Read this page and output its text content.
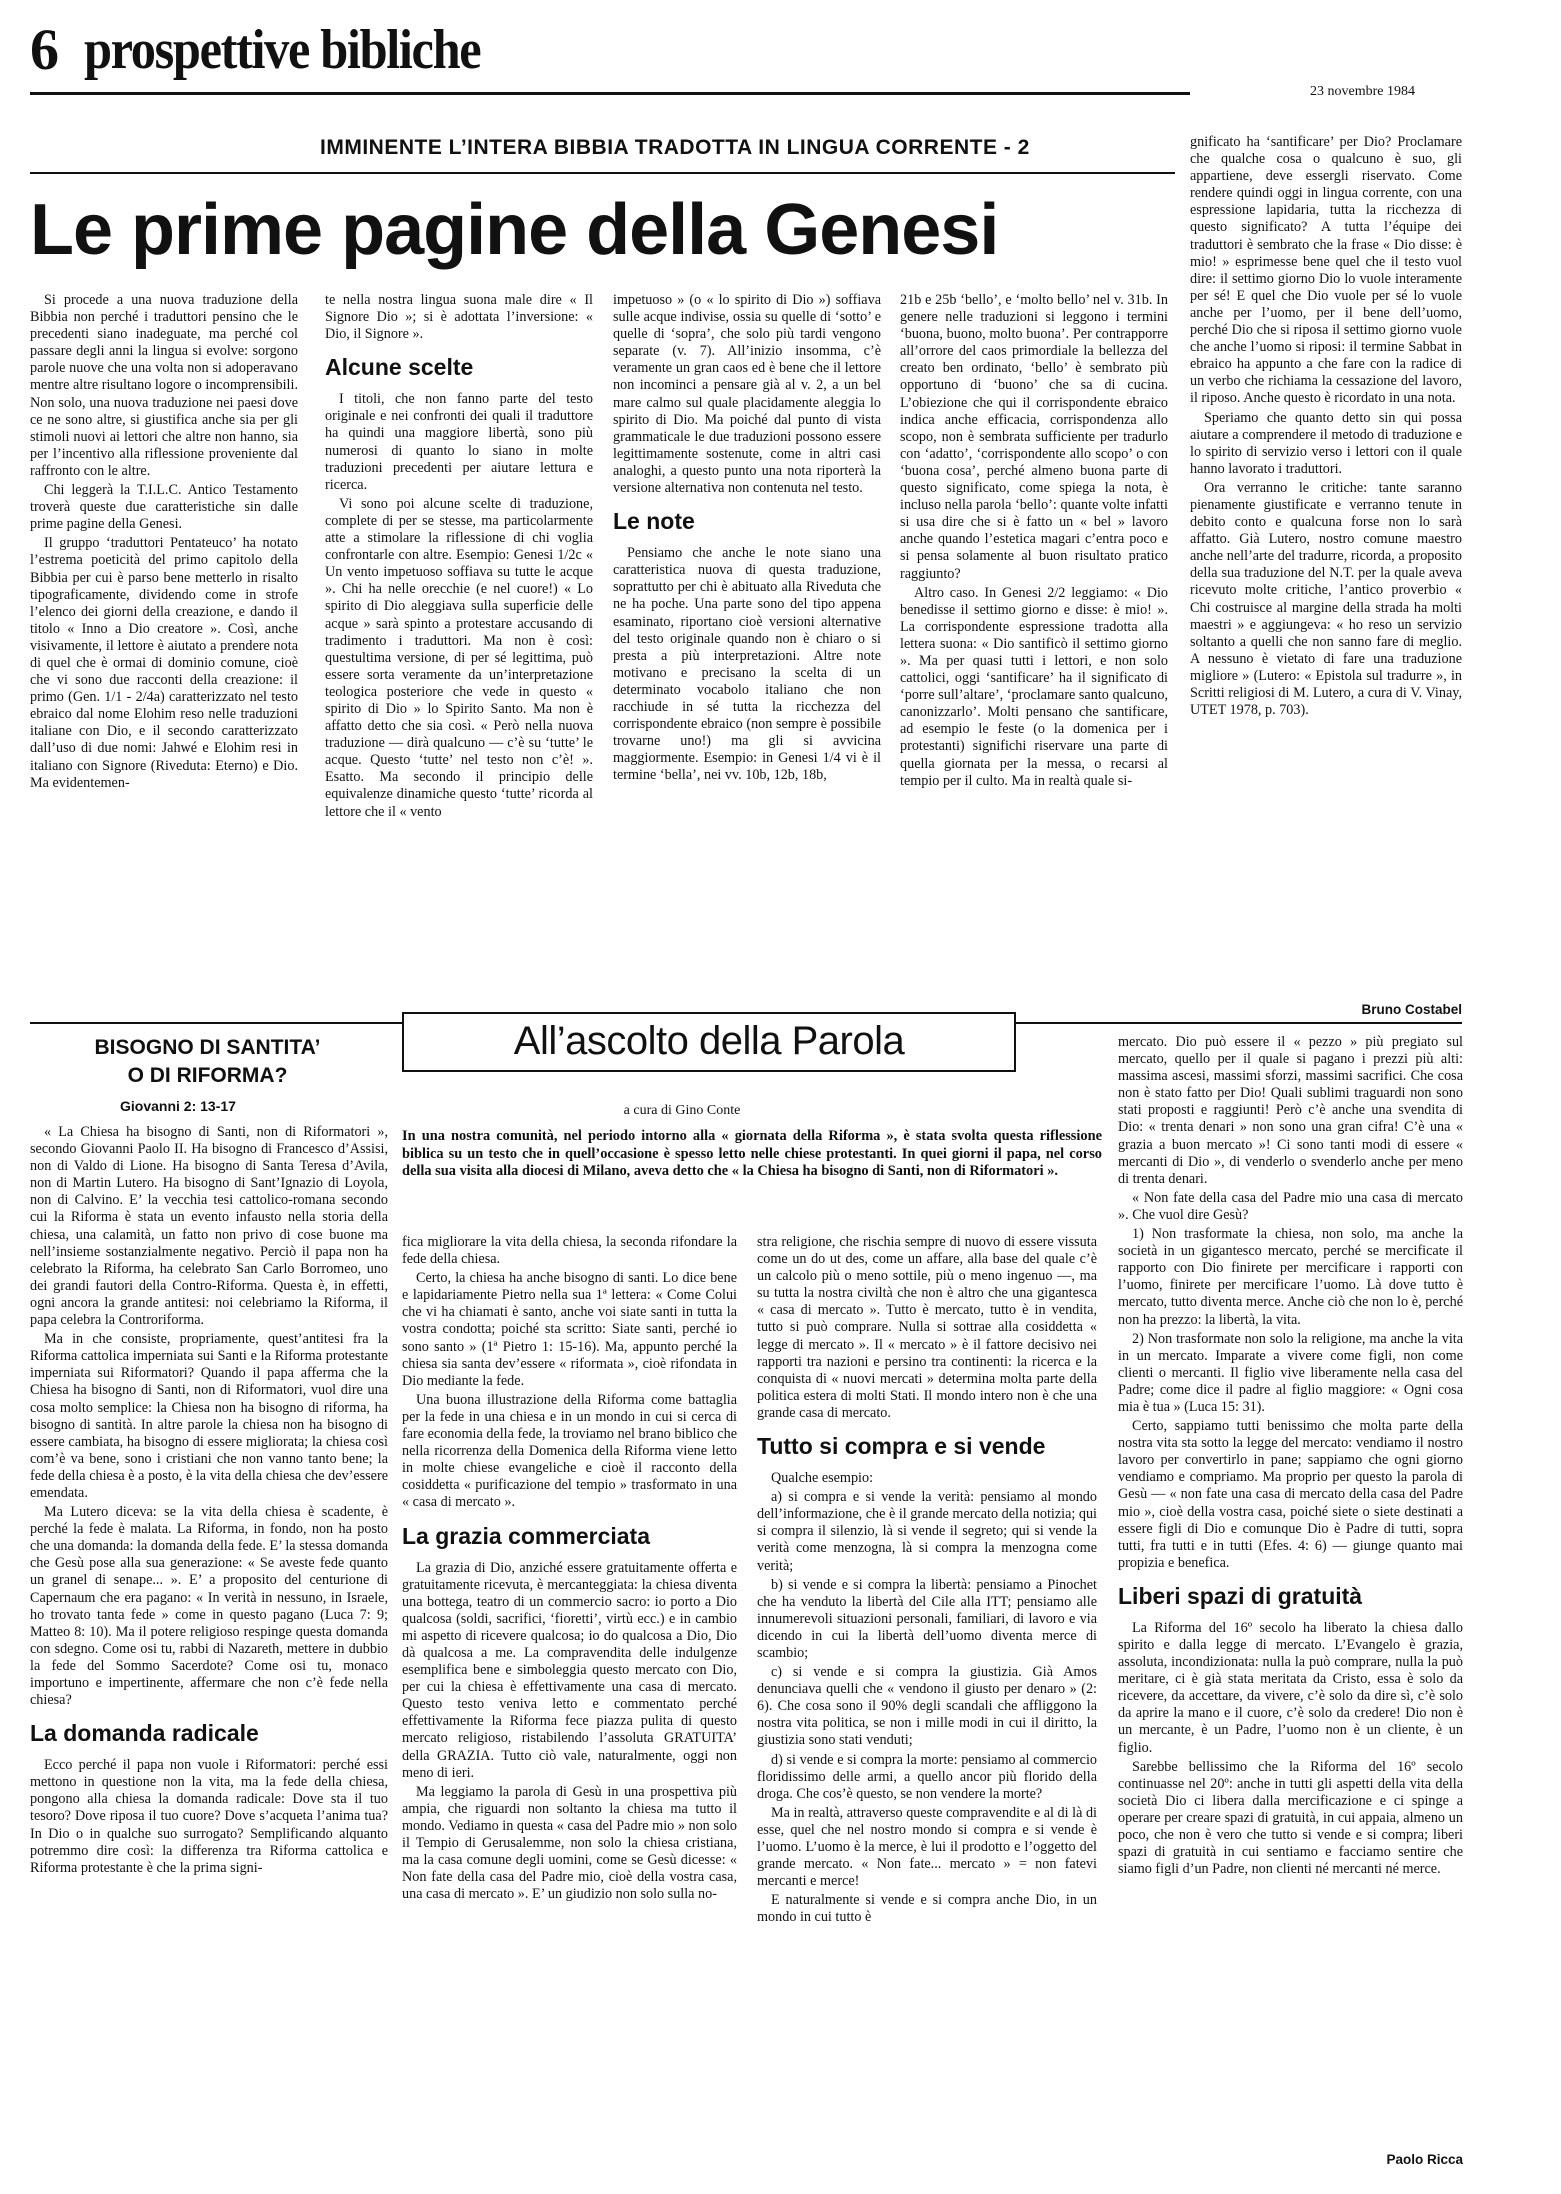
6 prospettive bibliche
23 novembre 1984
IMMINENTE L’INTERA BIBBIA TRADOTTA IN LINGUA CORRENTE - 2
Le prime pagine della Genesi

Si procede a una nuova traduzione della Bibbia non perché i traduttori pensino che le precedenti siano inadeguate, ma perché col passare degli anni la lingua si evolve: sorgono parole nuove che una volta non si adoperavano mentre altre risultano logore o incomprensibili. Non solo, una nuova traduzione nei paesi dove ce ne sono altre, si giustifica anche sia per gli stimoli nuovi ai lettori che altre non hanno, sia per l’incentivo alla riflessione proveniente dal raffronto con le altre.

Chi leggerà la T.I.L.C. Antico Testamento troverà queste due caratteristiche sin dalle prime pagine della Genesi.

Il gruppo ‘traduttori Pentateuco’ ha notato l’estrema poeticità del primo capitolo della Bibbia per cui è parso bene metterlo in risalto tipograficamente, dividendo come in strofe l’elenco dei giorni della creazione, e dando il titolo « Inno a Dio creatore ». Così, anche visivamente, il lettore è aiutato a prendere nota di quel che è ormai di dominio comune, cioè che vi sono due racconti della creazione: il primo (Gen. 1/1 - 2/4a) caratterizzato nel testo ebraico dal nome Elohim reso nelle traduzioni italiane con Dio, e il secondo caratterizzato dall’uso di due nomi: Jahwé e Elohim resi in italiano con Signore (Riveduta: Eterno) e Dio. Ma evidentemen-

te nella nostra lingua suona male dire « Il Signore Dio »; si è adottata l’inversione: « Dio, il Signore ».

Alcune scelte

I titoli, che non fanno parte del testo originale e nei confronti dei quali il traduttore ha quindi una maggiore libertà, sono più numerosi di quanto lo siano in molte traduzioni precedenti per aiutare lettura e ricerca.

Vi sono poi alcune scelte di traduzione, complete di per se stesse, ma particolarmente atte a stimolare la riflessione di chi voglia confrontarle con altre. Esempio: Genesi 1/2c « Un vento impetuoso soffiava su tutte le acque ». Chi ha nelle orecchie (e nel cuore!) « Lo spirito di Dio aleggiava sulla superficie delle acque » sarà spinto a protestare accusando di tradimento i traduttori. Ma non è così: questultima versione, di per sé legittima, può essere sorta veramente da un’interpretazione teologica posteriore che vede in questo « spirito di Dio » lo Spirito Santo. Ma non è affatto detto che sia così. « Però nella nuova traduzione — dirà qualcuno — c’è su ‘tutte’ le acque. Questo ‘tutte’ nel testo non c’è! ». Esatto. Ma secondo il principio delle equivalenze dinamiche questo ‘tutte’ ricorda al lettore che il « vento

impetuoso » (o « lo spirito di Dio ») soffiava sulle acque indivise, ossia su quelle di ‘sotto’ e quelle di ‘sopra’, che solo più tardi vengono separate (v. 7). All’inizio insomma, c’è veramente un gran caos ed è bene che il lettore non incominci a pensare già al v. 2, a un bel mare calmo sul quale placidamente aleggia lo spirito di Dio. Ma poiché dal punto di vista grammaticale le due traduzioni possono essere legittimamente sostenute, come in altri casi analoghi, a questo punto una nota riporterà la versione alternativa non contenuta nel testo.

Le note

Pensiamo che anche le note siano una caratteristica nuova di questa traduzione, soprattutto per chi è abituato alla Riveduta che ne ha poche. Una parte sono del tipo appena esaminato, riportano cioè versioni alternative del testo originale quando non è chiaro o si presta a più interpretazioni. Altre note motivano e precisano la scelta di un determinato vocabolo italiano che non racchiude in sé tutta la ricchezza del corrispondente ebraico (non sempre è possibile trovarne uno!) ma gli si avvicina maggiormente. Esempio: in Genesi 1/4 vi è il termine ‘bella’, nei vv. 10b, 12b, 18b,

21b e 25b ‘bello’, e ‘molto bello’ nel v. 31b. In genere nelle traduzioni si leggono i termini ‘buona, buono, molto buona’. Per contrapporre all’orrore del caos primordiale la bellezza del creato ben ordinato, ‘bello’ è sembrato più opportuno di ‘buono’ che sa di cucina. L’obiezione che qui il corrispondente ebraico indica anche efficacia, corrispondenza allo scopo, non è sembrata sufficiente per tradurlo con ‘adatto’, ‘corrispondente allo scopo’ o con ‘buona cosa’, perché almeno buona parte di questo significato, come spiega la nota, è incluso nella parola ‘bello’: quante volte infatti si usa dire che si è fatto un « bel » lavoro anche quando l’estetica magari c’entra poco e si pensa solamente al buon risultato pratico raggiunto?

Altro caso. In Genesi 2/2 leggiamo: « Dio benedisse il settimo giorno e disse: è mio! ». La corrispondente espressione tradotta alla lettera suona: « Dio santificò il settimo giorno ». Ma per quasi tutti i lettori, e non solo cattolici, oggi ‘santificare’ ha il significato di ‘porre sull’altare’, ‘proclamare santo qualcuno, canonizzarlo’. Molti pensano che santificare, ad esempio le feste (o la domenica per i protestanti) significhi riservare una parte di quella giornata per la messa, o recarsi al tempio per il culto. Ma in realtà quale si-

gnificato ha ‘santificare’ per Dio? Proclamare che qualche cosa o qualcuno è suo, gli appartiene, deve essergli riservato. Come rendere quindi oggi in lingua corrente, con una espressione lapidaria, tutta la ricchezza di questo significato? A tutta l’équipe dei traduttori è sembrato che la frase « Dio disse: è mio! » esprimesse bene quel che il testo vuol dire: il settimo giorno Dio lo vuole interamente per sé! E quel che Dio vuole per sé lo vuole anche per l’uomo, per il bene dell’uomo, perché Dio che si riposa il settimo giorno vuole che anche l’uomo si riposi: il termine Sabbat in ebraico ha appunto a che fare con la radice di un verbo che richiama la cessazione del lavoro, il riposo. Anche questo è ricordato in una nota.

Speriamo che quanto detto sin qui possa aiutare a comprendere il metodo di traduzione e lo spirito di servizio verso i lettori con il quale hanno lavorato i traduttori.

Ora verranno le critiche: tante saranno pienamente giustificate e verranno tenute in debito conto e qualcuna forse non lo sarà affatto. Già Lutero, nostro comune maestro anche nell’arte del tradurre, ricorda, a proposito della sua traduzione del N.T. per la quale aveva ricevuto molte critiche, l’antico proverbio « Chi costruisce al margine della strada ha molti maestri » e aggiungeva: « ho reso un servizio soltanto a quelli che non sanno fare di meglio. A nessuno è vietato di fare una traduzione migliore » (Lutero: « Epistola sul tradurre », in Scritti religiosi di M. Lutero, a cura di V. Vinay, UTET 1978, p. 703).

Bruno Costabel
BISOGNO DI SANTITA’
O DI RIFORMA?
Giovanni 2: 13-17

« La Chiesa ha bisogno di Santi, non di Riformatori », secondo Giovanni Paolo II. Ha bisogno di Francesco d’Assisi, non di Valdo di Lione. Ha bisogno di Santa Teresa d’Avila, non di Martin Lutero. Ha bisogno di Sant’Ignazio di Loyola, non di Calvino. E’ la vecchia tesi cattolico-romana secondo cui la Riforma è stata un evento infausto nella storia della chiesa, una calamità, un fatto non privo di cose buone ma nell’insieme sostanzialmente negativo. Perciò il papa non ha celebrato la Riforma, ha celebrato San Carlo Borromeo, uno dei grandi fautori della Contro-Riforma. Questa è, in effetti, ogni ancora la grande antitesi: noi celebriamo la Riforma, il papa celebra la Controriforma.

Ma in che consiste, propriamente, quest’antitesi fra la Riforma cattolica imperniata sui Santi e la Riforma protestante imperniata sui Riformatori? Quando il papa afferma che la Chiesa ha bisogno di Santi, non di Riformatori, vuol dire una cosa molto semplice: la Chiesa non ha bisogno di riforma, ha bisogno di santità. In altre parole la chiesa non ha bisogno di essere cambiata, ha bisogno di essere migliorata; la chiesa così com’è va bene, sono i cristiani che non vanno tanto bene; la fede della chiesa è a posto, è la vita della chiesa che dev’essere emendata.

Ma Lutero diceva: se la vita della chiesa è scadente, è perché la fede è malata. La Riforma, in fondo, non ha posto che una domanda: la domanda della fede. E’ la stessa domanda che Gesù pose alla sua generazione: « Se aveste fede quanto un granel di senape... ». E’ a proposito del centurione di Capernaum che era pagano: « In verità in nessuno, in Israele, ho trovato tanta fede » come in questo pagano (Luca 7: 9; Matteo 8: 10). Ma il potere religioso respinge questa domanda con sdegno. Come osi tu, rabbi di Nazareth, mettere in dubbio la fede del Sommo Sacerdote? Come osi tu, monaco importuno e impertinente, affermare che non c’è fede nella chiesa?

La domanda radicale

Ecco perché il papa non vuole i Riformatori: perché essi mettono in questione non la vita, ma la fede della chiesa, pongono alla chiesa la domanda radicale: Dove sta il tuo tesoro? Dove riposa il tuo cuore? Dove s’acqueta l’anima tua? In Dio o in qualche suo surrogato? Semplificando alquanto potremmo dire così: la differenza tra Riforma cattolica e Riforma protestante è che la prima signi-

All’ascolto della Parola
a cura di Gino Conte
In una nostra comunità, nel periodo intorno alla « giornata della Riforma », è stata svolta questa riflessione biblica su un testo che in quell’occasione è spesso letto nelle chiese protestanti. In quei giorni il papa, nel corso della sua visita alla diocesi di Milano, aveva detto che « la Chiesa ha bisogno di Santi, non di Riformatori ».

fica migliorare la vita della chiesa, la seconda rifondare la fede della chiesa.

Certo, la chiesa ha anche bisogno di santi. Lo dice bene e lapidariamente Pietro nella sua 1ª lettera: « Come Colui che vi ha chiamati è santo, anche voi siate santi in tutta la vostra condotta; poiché sta scritto: Siate santi, perché io sono santo » (1ª Pietro 1: 15-16). Ma, appunto perché la chiesa sia santa dev’essere « riformata », cioè rifondata in Dio mediante la fede.

Una buona illustrazione della Riforma come battaglia per la fede in una chiesa e in un mondo in cui si cerca di fare economia della fede, la troviamo nel brano biblico che nella ricorrenza della Domenica della Riforma viene letto in molte chiese evangeliche e cioè il racconto della cosiddetta « purificazione del tempio » trasformato in una « casa di mercato ».

La grazia commerciata

La grazia di Dio, anziché essere gratuitamente offerta e gratuitamente ricevuta, è mercanteggiata: la chiesa diventa una bottega, teatro di un commercio sacro: io porto a Dio qualcosa (soldi, sacrifici, ‘fioretti’, virtù ecc.) e in cambio mi aspetto di ricevere qualcosa; io do qualcosa a Dio, Dio dà qualcosa a me. La compravendita delle indulgenze esemplifica bene e simboleggia questo mercato con Dio, per cui la chiesa è effettivamente una casa di mercato. Questo testo veniva letto e commentato perché effettivamente la Riforma fece piazza pulita di questo mercato religioso, ristabilendo l’assoluta GRATUITA’ della GRAZIA. Tutto ciò vale, naturalmente, oggi non meno di ieri.

Ma leggiamo la parola di Gesù in una prospettiva più ampia, che riguardi non soltanto la chiesa ma tutto il mondo. Vediamo in questa « casa del Padre mio » non solo il Tempio di Gerusalemme, non solo la chiesa cristiana, ma la casa comune degli uomini, come se Gesù dicesse: « Non fate della casa del Padre mio, cioè della vostra casa, una casa di mercato ». E’ un giudizio non solo sulla no-

stra religione, che rischia sempre di nuovo di essere vissuta come un do ut des, come un affare, alla base del quale c’è un calcolo più o meno sottile, più o meno ingenuo —, ma su tutta la nostra civiltà che non è altro che una gigantesca « casa di mercato ». Tutto è mercato, tutto è in vendita, tutto si può comprare. Nulla si sottrae alla cosiddetta « legge di mercato ». Il « mercato » è il fattore decisivo nei rapporti tra nazioni e persino tra continenti: la ricerca e la conquista di « nuovi mercati » determina molta parte della politica estera di molti Stati. Il mondo intero non è che una grande casa di mercato.

Tutto si compra e si vende

Qualche esempio:

a) si compra e si vende la verità: pensiamo al mondo dell’informazione, che è il grande mercato della notizia; qui si compra il silenzio, là si vende il segreto; qui si vende la verità come menzogna, là si compra la menzogna come verità;

b) si vende e si compra la libertà: pensiamo a Pinochet che ha venduto la libertà del Cile alla ITT; pensiamo alle innumerevoli situazioni personali, familiari, di lavoro e via dicendo in cui la libertà dell’uomo diventa merce di scambio;

c) si vende e si compra la giustizia. Già Amos denunciava quelli che « vendono il giusto per denaro » (2: 6). Che cosa sono il 90% degli scandali che affliggono la nostra vita politica, se non i mille modi in cui il diritto, la giustizia sono stati venduti;

d) si vende e si compra la morte: pensiamo al commercio floridissimo delle armi, a quello ancor più florido della droga. Che cos’è questo, se non vendere la morte?

Ma in realtà, attraverso queste compravendite e al di là di esse, quel che nel nostro mondo si compra e si vende è l’uomo. L’uomo è la merce, è lui il prodotto e l’oggetto del grande mercato. « Non fate... mercato » = non fatevi mercanti e merce!

E naturalmente si vende e si compra anche Dio, in un mondo in cui tutto è

mercato. Dio può essere il « pezzo » più pregiato sul mercato, quello per il quale si pagano i prezzi più alti: massima ascesi, massimi sforzi, massimi sacrifici. Che cosa non è stato fatto per Dio! Quali sublimi traguardi non sono stati proposti e raggiunti! Però c’è anche una svendita di Dio: « trenta denari » non sono una gran cifra! C’è una « grazia a buon mercato »! Ci sono tanti modi di essere « mercanti di Dio », di venderlo o svenderlo anche per meno di trenta denari.

« Non fate della casa del Padre mio una casa di mercato ». Che vuol dire Gesù?

1) Non trasformate la chiesa, non solo, ma anche la società in un gigantesco mercato, perché se mercificate il rapporto con Dio finirete per mercificare i rapporti con l’uomo, finirete per mercificare l’uomo. Là dove tutto è mercato, tutto diventa merce. Anche ciò che non lo è, perché non ha prezzo: la libertà, la vita.

2) Non trasformate non solo la religione, ma anche la vita in un mercato. Imparate a vivere come figli, non come clienti o mercanti. Il figlio vive liberamente nella casa del Padre; come dice il padre al figlio maggiore: « Ogni cosa mia è tua » (Luca 15: 31).

Certo, sappiamo tutti benissimo che molta parte della nostra vita sta sotto la legge del mercato: vendiamo il nostro lavoro per convertirlo in pane; sappiamo che ogni giorno vendiamo e compriamo. Ma proprio per questo la parola di Gesù — « non fate una casa di mercato della casa del Padre mio », cioè della vostra casa, poiché siete o siete destinati a essere figli di Dio e comunque Dio è Padre di tutti, sopra tutti, fra tutti e in tutti (Efes. 4: 6) — giunge quanto mai propizia e benefica.

Liberi spazi di gratuità

La Riforma del 16º secolo ha liberato la chiesa dallo spirito e dalla legge di mercato. L’Evangelo è grazia, assoluta, incondizionata: nulla la può comprare, nulla la può meritare, ci è già stata meritata da Cristo, essa è solo da ricevere, da accettare, da vivere, c’è solo da dire sì, c’è solo da aprire la mano e il cuore, c’è solo da credere! Dio non è un mercante, è un Padre, l’uomo non è un cliente, è un figlio.

Sarebbe bellissimo che la Riforma del 16º secolo continuasse nel 20º: anche in tutti gli aspetti della vita della società Dio ci libera dalla mercificazione e ci spinge a operare per creare spazi di gratuità, in cui appaia, almeno un poco, che non è vero che tutto si vende e si compra; liberi spazi di gratuità in cui sentiamo e facciamo sentire che siamo figli d’un Padre, non clienti né mercanti né merce.

Paolo Ricca
